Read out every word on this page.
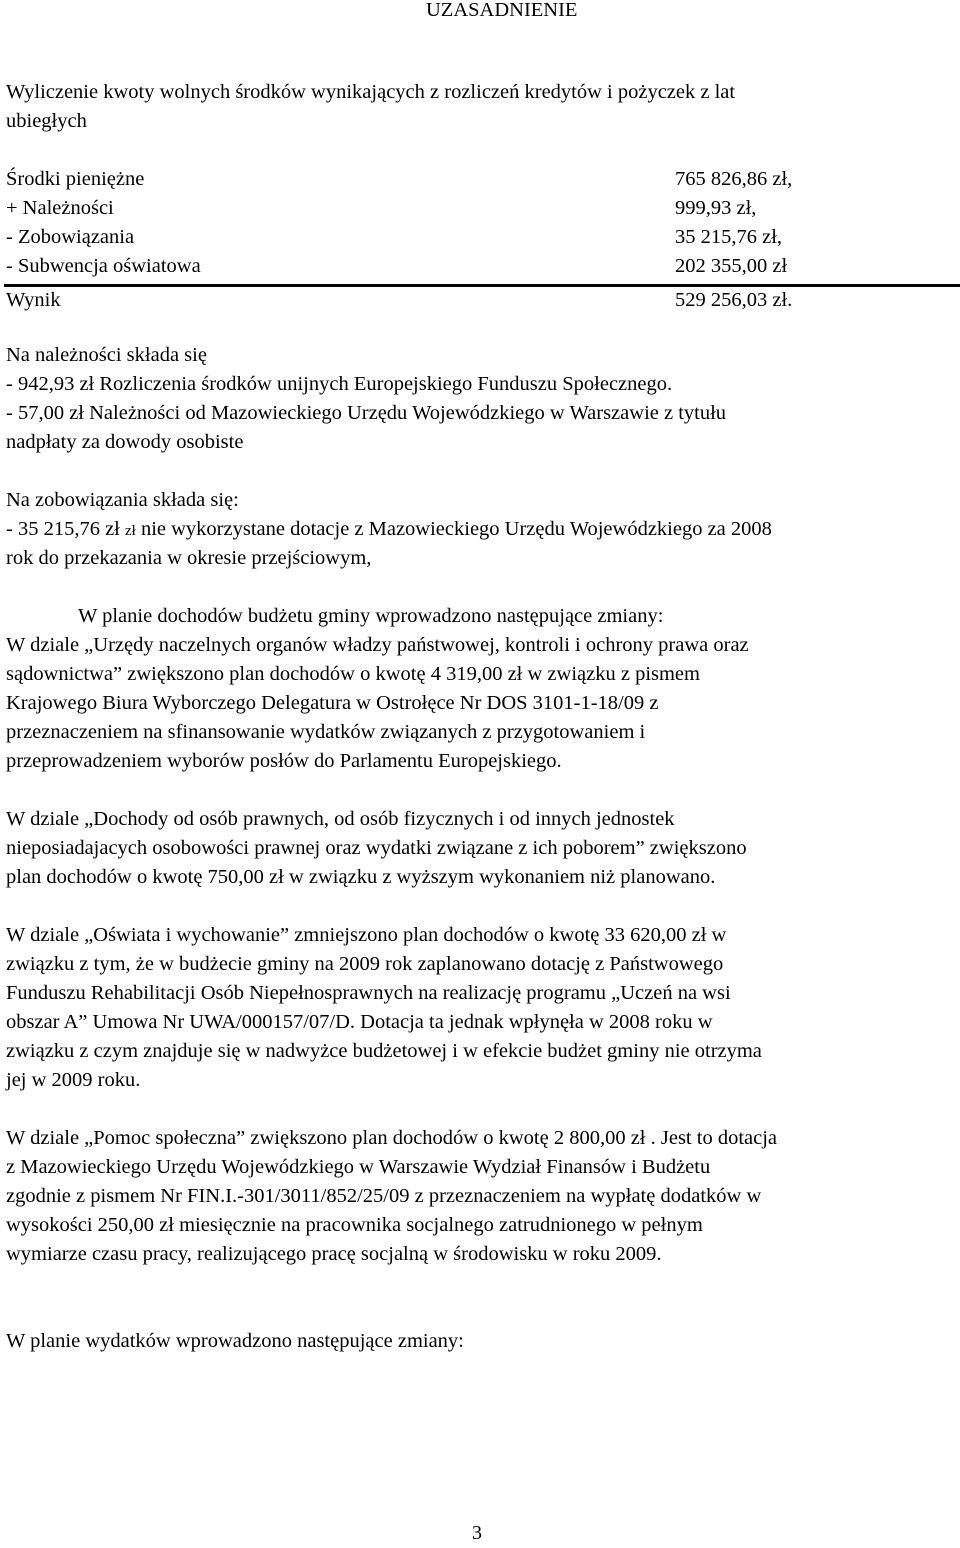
UZASADNIENIE
Wyliczenie kwoty wolnych środków wynikających z rozliczeń kredytów i pożyczek z lat
ubiegłych
Środki pieniężne	765 826,86 zł,
+ Należności	999,93 zł,
- Zobowiązania	35 215,76 zł,
- Subwencja oświatowa	202 355,00 zł
Wynik	529 256,03 zł.
Na należności składa się
- 942,93 zł Rozliczenia środków unijnych Europejskiego Funduszu Społecznego.
- 57,00 zł Należności od Mazowieckiego Urzędu Wojewódzkiego w Warszawie z tytułu
nadpłaty za dowody osobiste
Na zobowiązania składa się:
- 35 215,76 zł zł nie wykorzystane dotacje z Mazowieckiego Urzędu Wojewódzkiego za 2008
rok do przekazania w okresie przejściowym,
W planie dochodów budżetu gminy wprowadzono następujące zmiany:
W dziale „Urzędy naczelnych organów władzy państwowej, kontroli i ochrony prawa oraz
sądownictwa” zwiększono plan dochodów o kwotę 4 319,00 zł w związku z pismem
Krajowego Biura Wyborczego Delegatura w Ostrołęce Nr DOS 3101-1-18/09 z
przeznaczeniem na sfinansowanie wydatków związanych z przygotowaniem i
przeprowadzeniem wyborów posłów do Parlamentu Europejskiego.
W dziale „Dochody od osób prawnych, od osób fizycznych i od innych jednostek
nieposiadajacych osobowości prawnej oraz wydatki związane z ich poborem” zwiększono
plan dochodów o kwotę 750,00 zł w związku z wyższym wykonaniem niż planowano.
W dziale „Oświata i wychowanie” zmniejszono plan dochodów o kwotę 33 620,00 zł w
związku z tym, że w budżecie gminy na 2009 rok zaplanowano dotację z Państwowego
Funduszu Rehabilitacji Osób Niepełnosprawnych na realizację programu „Uczeń na wsi
obszar A” Umowa Nr UWA/000157/07/D. Dotacja ta jednak wpłynęła w 2008 roku w
związku z czym znajduje się w nadwyżce budżetowej i w efekcie budżet gminy nie otrzyma
jej w 2009 roku.
W dziale „Pomoc społeczna” zwiększono plan dochodów o kwotę 2 800,00 zł . Jest to dotacja
z Mazowieckiego Urzędu Wojewódzkiego w Warszawie Wydział Finansów i Budżetu
zgodnie z pismem Nr FIN.I.-301/3011/852/25/09 z przeznaczeniem na wypłatę dodatków w
wysokości 250,00 zł miesięcznie na pracownika socjalnego zatrudnionego w pełnym
wymiarze czasu pracy, realizującego pracę socjalną w środowisku w roku 2009.
W planie wydatków wprowadzono następujące zmiany:
3
